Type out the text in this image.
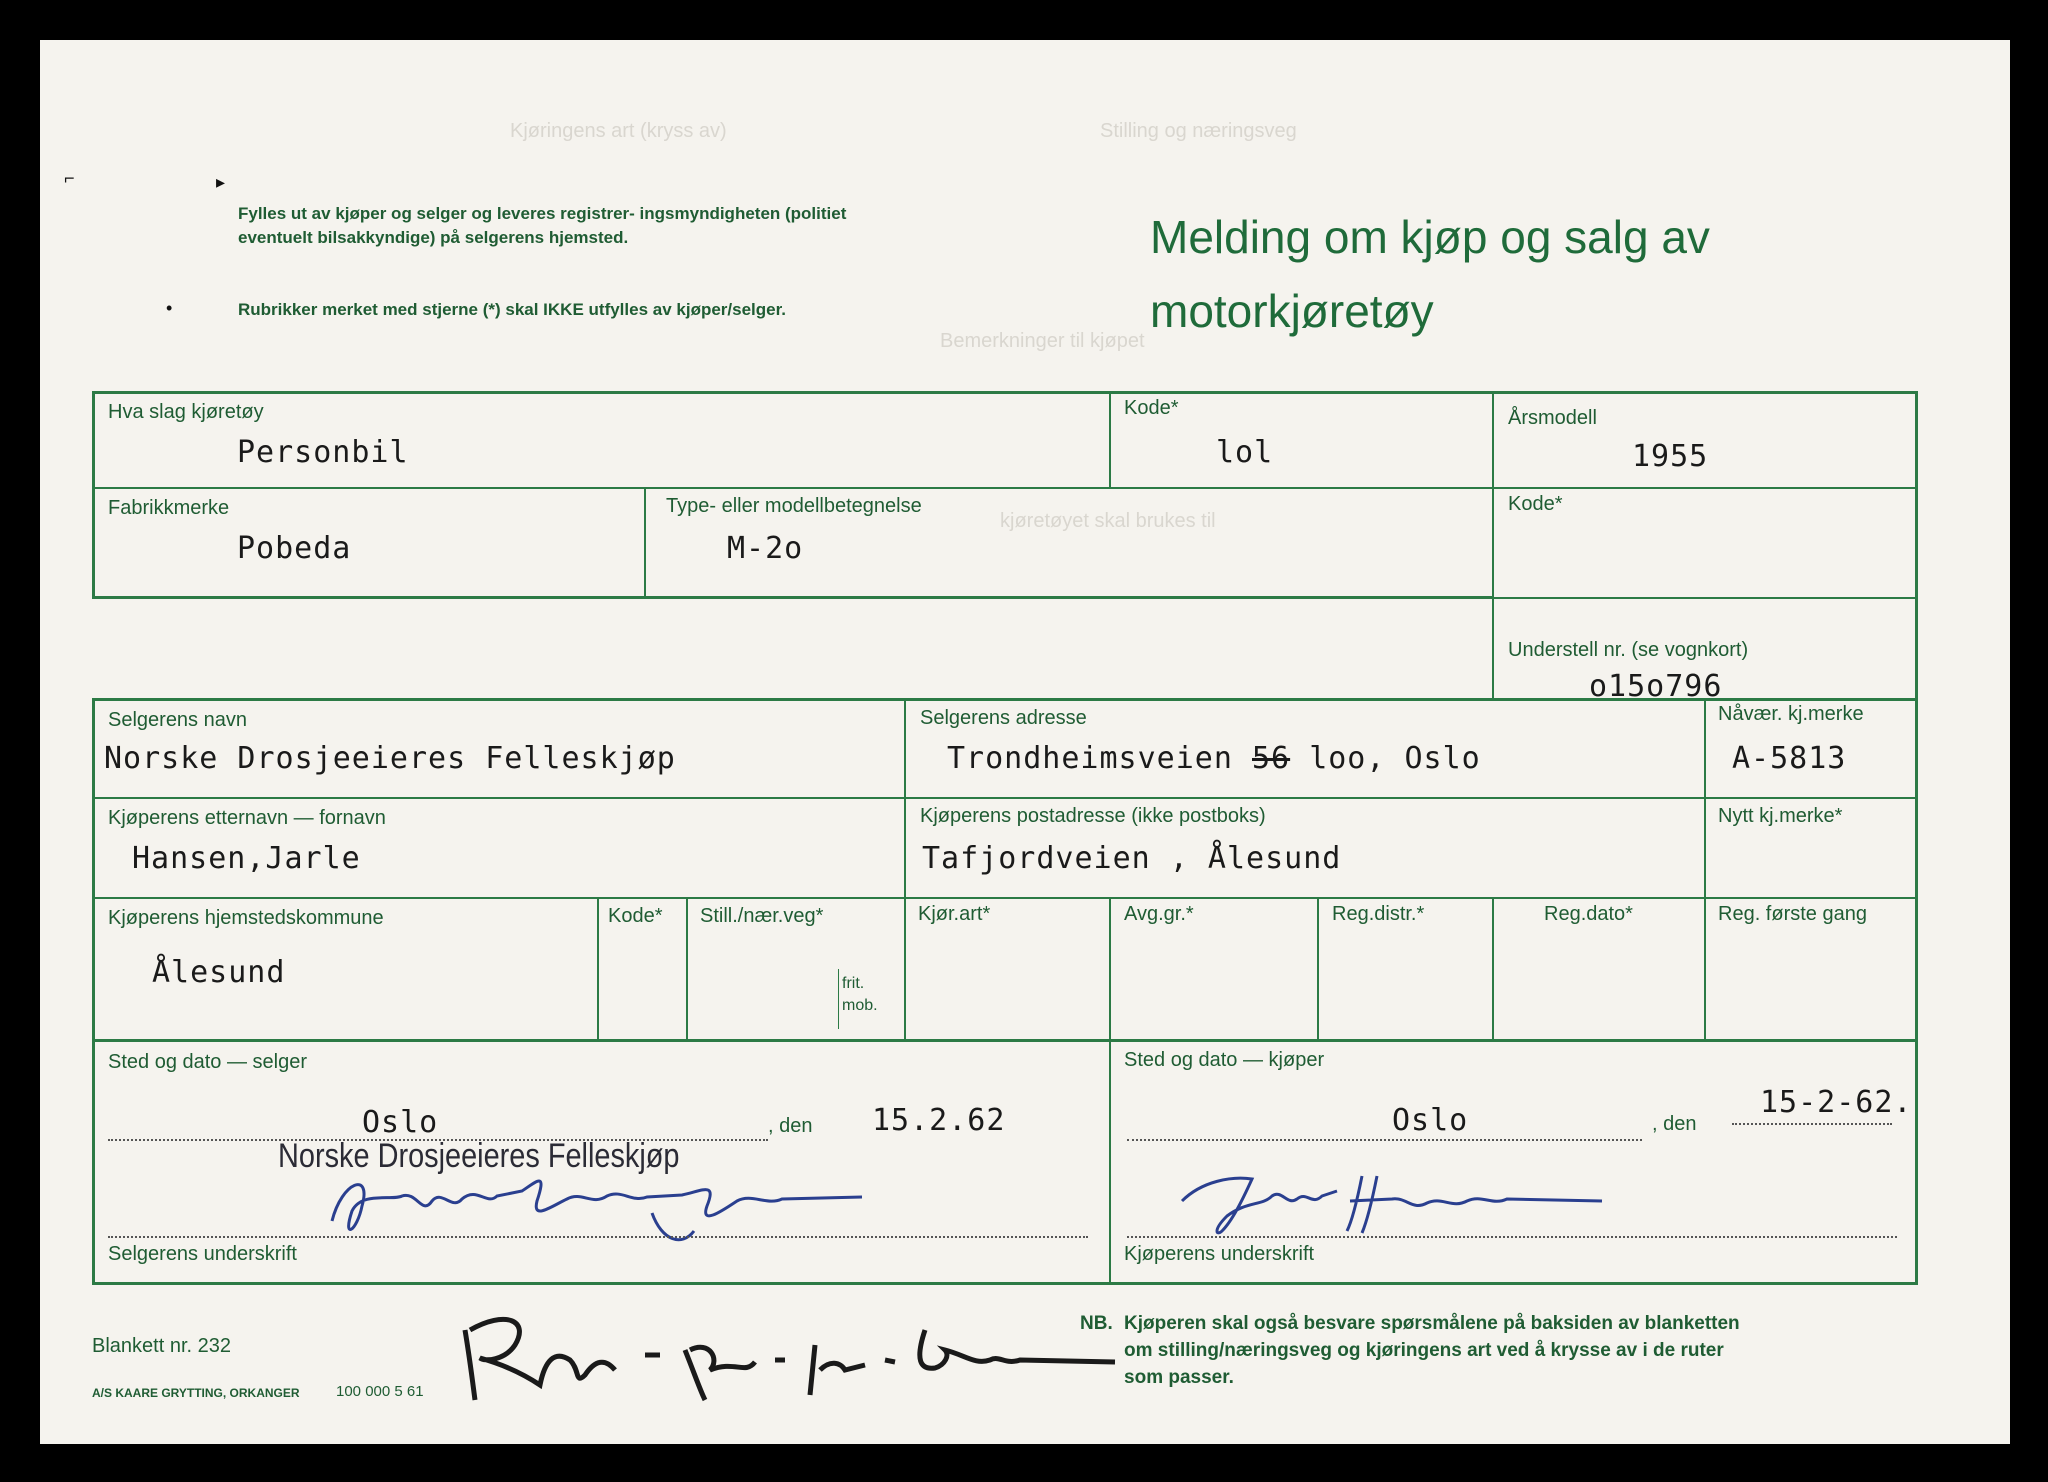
Kjøringens art (kryss av)	Stilling og næringsveg
Bemerkninger til kjøpet
kjøretøyet skal brukes til
Fylles ut av kjøper og selger og leveres registrer- ingsmyndigheten (politiet eventuelt bilsakkyndige) på selgerens hjemsted.
Rubrikker merket med stjerne (*) skal IKKE utfylles av kjøper/selger.
⌐	▸
•
Melding om kjøp og salg av motorkjøretøy
Hva slag kjøretøy
Personbil
Kode*
lol
Årsmodell
1955
Fabrikkmerke
Pobeda
Type- eller modellbetegnelse
M-2o
Kode*
Understell nr. (se vognkort)
o15o796
Selgerens navn
Norske Drosjeeieres Felleskjøp
Selgerens adresse
Trondheimsveien 56 loo, Oslo
Nåvær. kj.merke
A-5813
Kjøperens etternavn — fornavn
Hansen,Jarle
Kjøperens postadresse (ikke postboks)
Tafjordveien , Ålesund
Nytt kj.merke*
Kjøperens hjemstedskommune
Ålesund
Kode* Still./nær.veg*
frit.
mob.
Kjør.art*	Avg.gr.*	Reg.distr.*	Reg.dato*	Reg. første gang
Sted og dato — selger
Oslo	, den 15.2.62
Norske Drosjeeieres Felleskjøp
Selgerens underskrift
Sted og dato — kjøper
Oslo	, den
15-2-62.
Kjøperens underskrift
Blankett nr. 232
A/S KAARE GRYTTING, ORKANGER 100 000 5 61
NB. Kjøperen skal også besvare spørsmålene på baksiden av blanketten om stilling/næringsveg og kjøringens art ved å krysse av i de ruter som passer.
